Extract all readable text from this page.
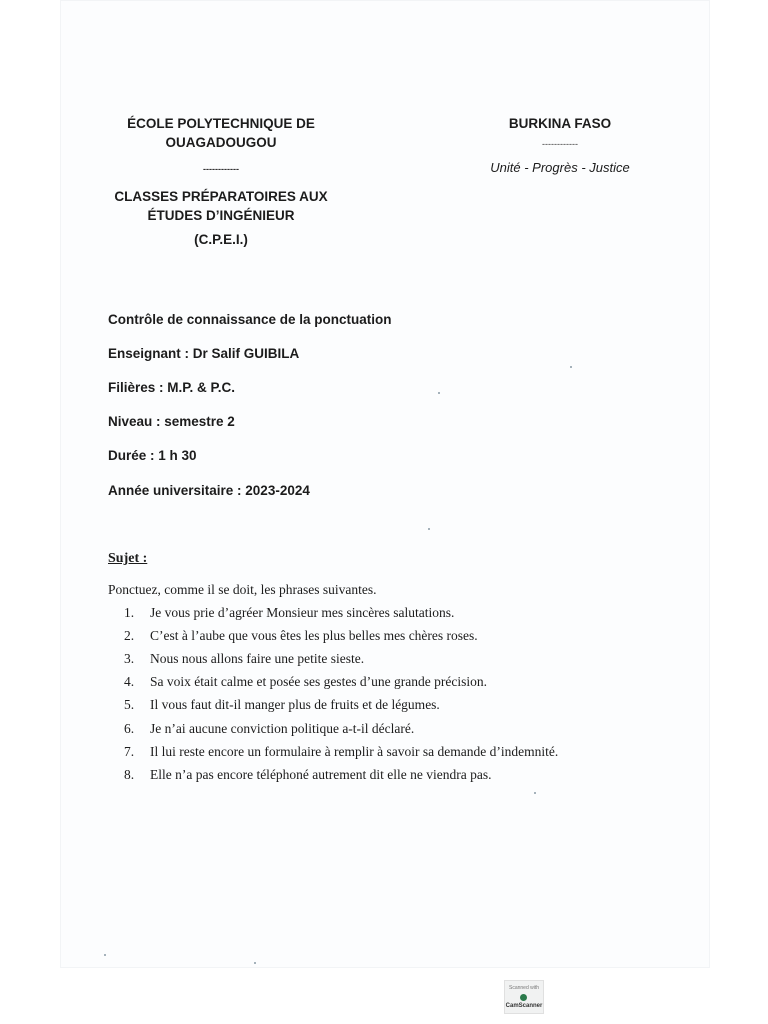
ÉCOLE POLYTECHNIQUE DE
OUAGADOUGOU
------------
CLASSES PRÉPARATOIRES AUX
ÉTUDES D’INGÉNIEUR
(C.P.E.I.)
BURKINA FASO
------------
Unité - Progrès - Justice
Contrôle de connaissance de la ponctuation
Enseignant : Dr Salif GUIBILA
Filières : M.P. & P.C.
Niveau : semestre 2
Durée : 1 h 30
Année universitaire : 2023-2024
Sujet :
Ponctuez, comme il se doit, les phrases suivantes.
1. Je vous prie d’agréer Monsieur mes sincères salutations.
2. C’est à l’aube que vous êtes les plus belles mes chères roses.
3. Nous nous allons faire une petite sieste.
4. Sa voix était calme et posée ses gestes d’une grande précision.
5. Il vous faut dit-il manger plus de fruits et de légumes.
6. Je n’ai aucune conviction politique a-t-il déclaré.
7. Il lui reste encore un formulaire à remplir à savoir sa demande d’indemnité.
8. Elle n’a pas encore téléphoné autrement dit elle ne viendra pas.
Scanned with
CamScanner
